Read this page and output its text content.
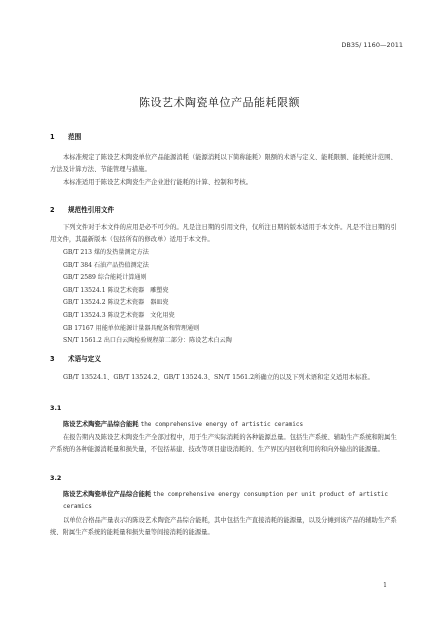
DB35/ 1160—2011
陈设艺术陶瓷单位产品能耗限额
1 范围

本标准规定了陈设艺术陶瓷单位产品能源消耗（能源消耗以下简称能耗）限额的术语与定义、能耗限额、能耗统计范围、方法及计算方法、节能管理与措施。

本标准适用于陈设艺术陶瓷生产企业进行能耗的计算、控制和考核。

2 规范性引用文件

下列文件对于本文件的应用是必不可少的。凡是注日期的引用文件，仅所注日期的版本适用于本文件。凡是不注日期的引用文件，其最新版本（包括所有的修改单）适用于本文件。

GB/T 213 煤的发热量测定方法
GB/T 384 石油产品热值测定法
GB/T 2589 综合能耗计算通则
GB/T 13524.1 陈设艺术瓷器　雕塑瓷
GB/T 13524.2 陈设艺术瓷器　器皿瓷
GB/T 13524.3 陈设艺术瓷器　文化用瓷
GB 17167 用能单位能源计量器具配备和管理通则
SN/T 1561.2 出口白云陶检验规程第二部分：陈设艺术白云陶
3 术语与定义

GB/T 13524.1、GB/T 13524.2、GB/T 13524.3、SN/T 1561.2所确立的以及下列术语和定义适用本标准。

3.1

陈设艺术陶瓷产品综合能耗 the comprehensive energy of artistic ceramics

在报告期内及陈设艺术陶瓷生产全部过程中，用于生产实际消耗的各种能源总量。包括生产系统、辅助生产系统和附属生产系统的各种能源消耗量和损失量，不包括基建、技改等项目建设消耗的、生产界区内回收利用的和向外输出的能源量。

3.2

陈设艺术陶瓷单位产品综合能耗 the comprehensive energy consumption per unit product of artistic ceramics

以单位合格品产量表示的陈设艺术陶瓷产品综合能耗，其中包括生产直接消耗的能源量，以及分摊到该产品的辅助生产系统、附属生产系统的能耗量和损失量等间接消耗的能源量。

1
